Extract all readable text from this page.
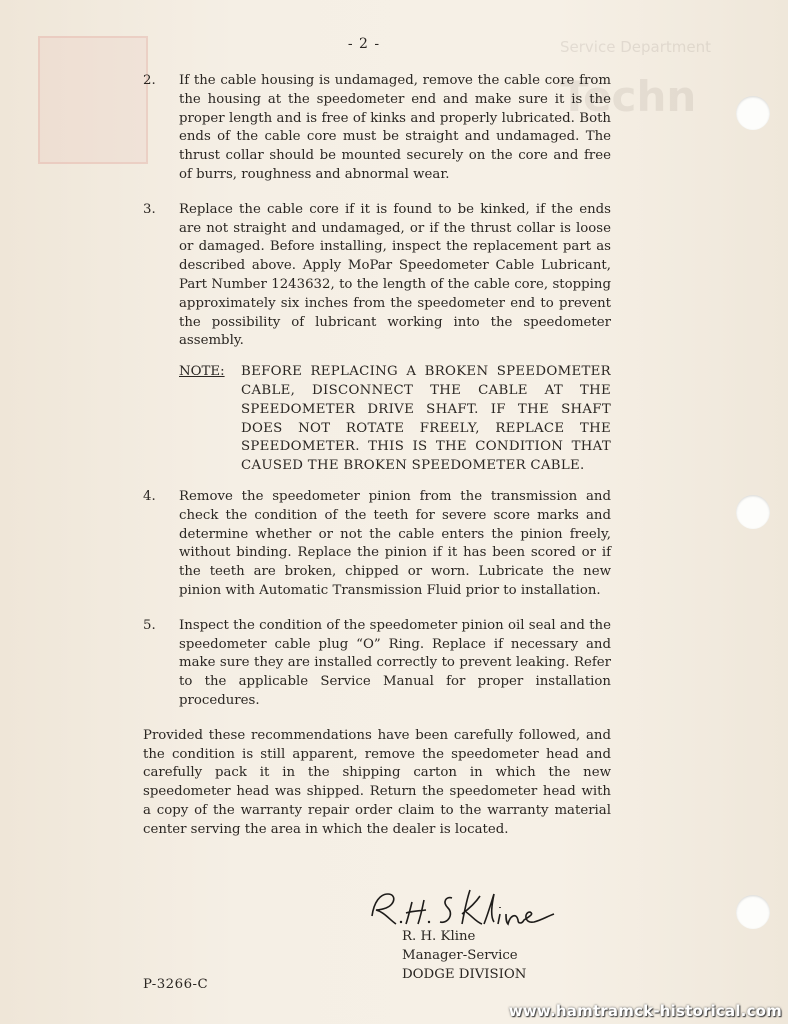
Service Department
Techn
- 2 -
2.	If the cable housing is undamaged, remove the cable core from the housing at the speedometer end and make sure it is the proper length and is free of kinks and properly lubricated. Both ends of the cable core must be straight and undamaged. The thrust collar should be mounted securely on the core and free of burrs, roughness and abnormal wear.
3.	Replace the cable core if it is found to be kinked, if the ends are not straight and undamaged, or if the thrust collar is loose or damaged. Before installing, inspect the replacement part as described above. Apply MoPar Speedometer Cable Lubricant, Part Number 1243632, to the length of the cable core, stopping approximately six inches from the speedometer end to prevent the possibility of lubricant working into the speedometer assembly.
NOTE:	BEFORE REPLACING A BROKEN SPEEDOMETER CABLE, DISCONNECT THE CABLE AT THE SPEEDOMETER DRIVE SHAFT. IF THE SHAFT DOES NOT ROTATE FREELY, REPLACE THE SPEEDOMETER. THIS IS THE CONDITION THAT CAUSED THE BROKEN SPEEDOMETER CABLE.
4.	Remove the speedometer pinion from the transmission and check the condition of the teeth for severe score marks and determine whether or not the cable enters the pinion freely, without binding. Replace the pinion if it has been scored or if the teeth are broken, chipped or worn. Lubricate the new pinion with Automatic Transmission Fluid prior to installation.
5.	Inspect the condition of the speedometer pinion oil seal and the speedometer cable plug “O” Ring. Replace if necessary and make sure they are installed correctly to prevent leaking. Refer to the applicable Service Manual for proper installation procedures.
Provided these recommendations have been carefully followed, and the condition is still apparent, remove the speedometer head and carefully pack it in the shipping carton in which the new speedometer head was shipped. Return the speedometer head with a copy of the warranty repair order claim to the warranty material center serving the area in which the dealer is located.
R. H. Kline
Manager-Service
DODGE DIVISION
P-3266-C
www.hamtramck-historical.com
